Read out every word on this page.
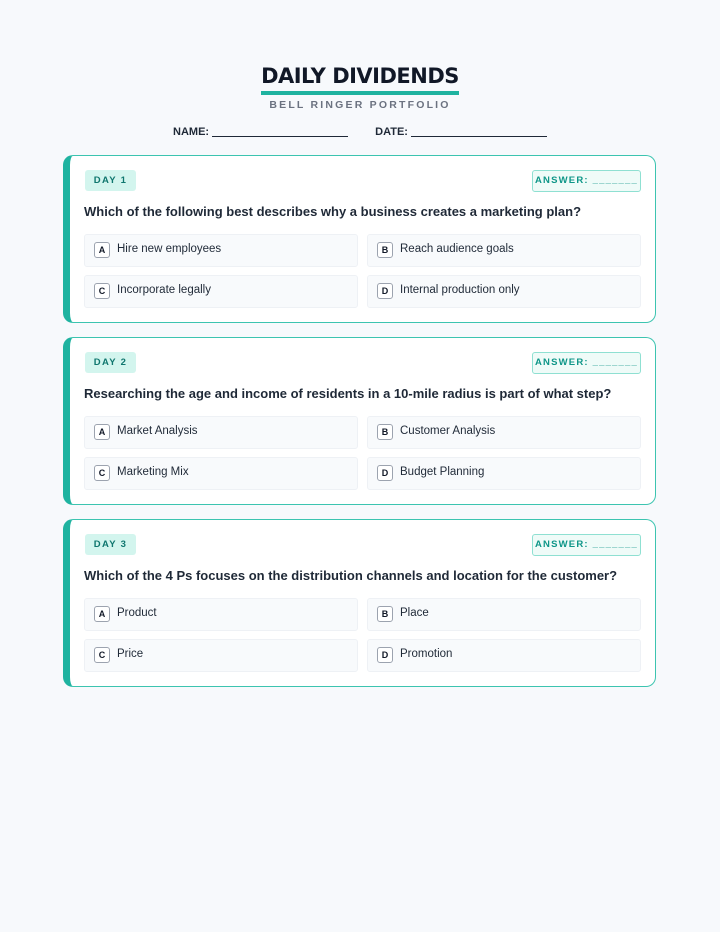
DAILY DIVIDENDS
BELL RINGER PORTFOLIO
NAME:	DATE:
DAY 1	ANSWER: _______
Which of the following best describes why a business creates a marketing plan?
A	Hire new employees	B	Reach audience goals
C	Incorporate legally	D	Internal production only
DAY 2	ANSWER: _______
Researching the age and income of residents in a 10-mile radius is part of what step?
A	Market Analysis	B	Customer Analysis
C	Marketing Mix	D	Budget Planning
DAY 3	ANSWER: _______
Which of the 4 Ps focuses on the distribution channels and location for the customer?
A	Product	B	Place
C	Price	D	Promotion
